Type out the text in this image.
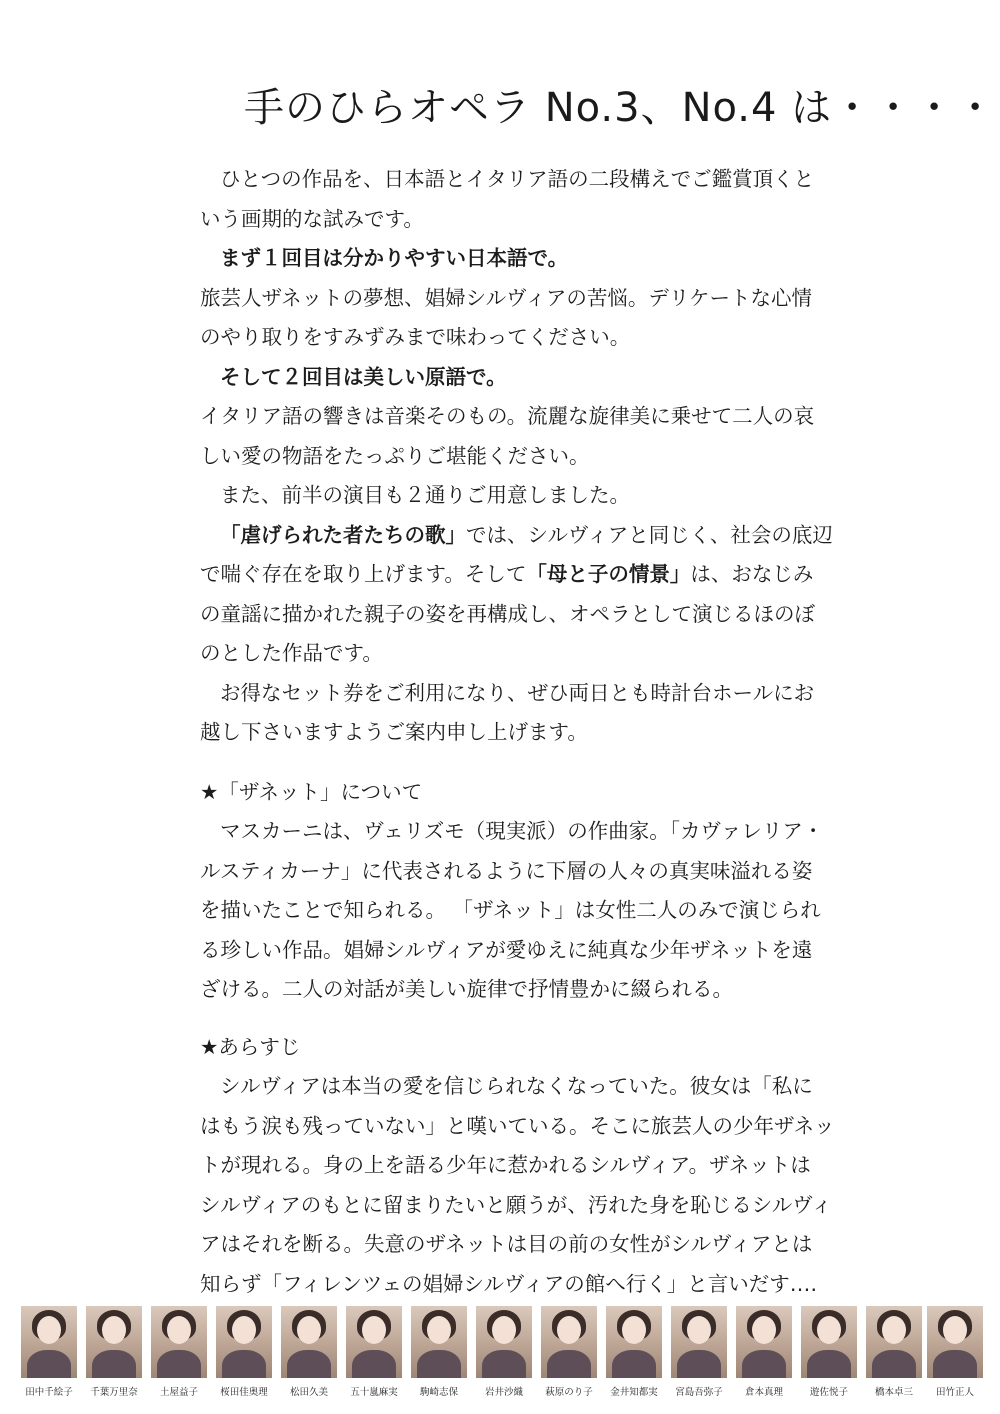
手のひらオペラ No.3、No.4 は・・・・
ひとつの作品を、日本語とイタリア語の二段構えでご鑑賞頂くと
いう画期的な試みです。
まず１回目は分かりやすい日本語で。
旅芸人ザネットの夢想、娼婦シルヴィアの苦悩。デリケートな心情
のやり取りをすみずみまで味わってください。
そして２回目は美しい原語で。
イタリア語の響きは音楽そのもの。流麗な旋律美に乗せて二人の哀
しい愛の物語をたっぷりご堪能ください。
また、前半の演目も２通りご用意しました。
「虐げられた者たちの歌」では、シルヴィアと同じく、社会の底辺
で喘ぐ存在を取り上げます。そして「母と子の情景」は、おなじみ
の童謡に描かれた親子の姿を再構成し、オペラとして演じるほのぼ
のとした作品です。
お得なセット券をご利用になり、ぜひ両日とも時計台ホールにお
越し下さいますようご案内申し上げます。
★「ザネット」について
マスカーニは、ヴェリズモ（現実派）の作曲家。「カヴァレリア・
ルスティカーナ」に代表されるように下層の人々の真実味溢れる姿
を描いたことで知られる。 「ザネット」は女性二人のみで演じられ
る珍しい作品。娼婦シルヴィアが愛ゆえに純真な少年ザネットを遠
ざける。二人の対話が美しい旋律で抒情豊かに綴られる。
★あらすじ
シルヴィアは本当の愛を信じられなくなっていた。彼女は「私に
はもう涙も残っていない」と嘆いている。そこに旅芸人の少年ザネッ
トが現れる。身の上を語る少年に惹かれるシルヴィア。ザネットは
シルヴィアのもとに留まりたいと願うが、汚れた身を恥じるシルヴィ
アはそれを断る。失意のザネットは目の前の女性がシルヴィアとは
知らず「フィレンツェの娼婦シルヴィアの館へ行く」と言いだす‥‥
田中千絵子	千葉万里奈	土屋益子	桜田佳奥理	松田久美	五十嵐麻実	駒崎志保	岩井沙織	萩原のり子	金井知都実	宮島吾弥子	倉本真理	遊佐悦子	橋本卓三	田竹正人
